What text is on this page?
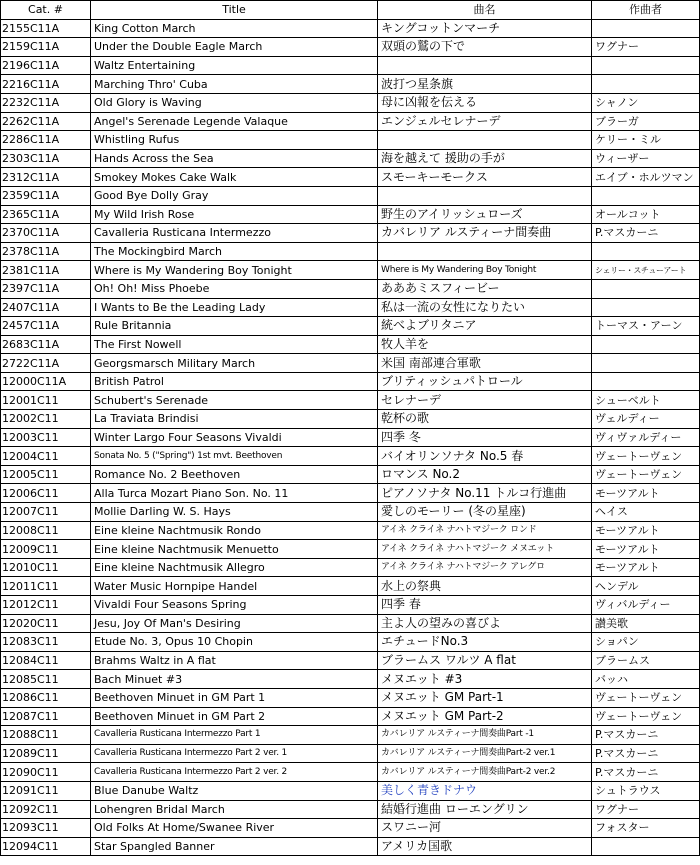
Cat. #	Title	曲名	作曲者
2155C11A	King Cotton March	キングコットンマーチ	
2159C11A	Under the Double Eagle March	双頭の鷲の下で	ワグナー
2196C11A	Waltz Entertaining		
2216C11A	Marching Thro' Cuba	波打つ星条旗	
2232C11A	Old Glory is Waving	母に凶報を伝える	シャノン
2262C11A	Angel's Serenade Legende Valaque	エンジェルセレナーデ	ブラーガ
2286C11A	Whistling Rufus		ケリー・ミル
2303C11A	Hands Across the Sea	海を越えて 援助の手が	ウィーザー
2312C11A	Smokey Mokes Cake Walk	スモーキーモークス	エイブ・ホルツマン
2359C11A	Good Bye Dolly Gray		
2365C11A	My Wild Irish Rose	野生のアイリッシュローズ	オールコット
2370C11A	Cavalleria Rusticana Intermezzo	カバレリア ルスティーナ間奏曲	P.マスカーニ
2378C11A	The Mockingbird March		
2381C11A	Where is My Wandering Boy Tonight	Where is My Wandering Boy Tonight	シェリー・スチューアート
2397C11A	Oh! Oh! Miss Phoebe	あああミスフィービー	
2407C11A	I Wants to Be the Leading Lady	私は一流の女性になりたい	
2457C11A	Rule Britannia	統べよブリタニア	トーマス・アーン
2683C11A	The First Nowell	牧人羊を	
2722C11A	Georgsmarsch Military March	米国 南部連合軍歌	
12000C11A	British Patrol	ブリティッシュパトロール	
12001C11	Schubert's Serenade	セレナーデ	シューベルト
12002C11	La Traviata Brindisi	乾杯の歌	ヴェルディー
12003C11	Winter Largo Four Seasons Vivaldi	四季 冬	ヴィヴァルディー
12004C11	Sonata No. 5 ("Spring") 1st mvt. Beethoven	バイオリンソナタ No.5 春	ヴェートーヴェン
12005C11	Romance No. 2 Beethoven	ロマンス No.2	ヴェートーヴェン
12006C11	Alla Turca Mozart Piano Son. No. 11	ピアノソナタ No.11 トルコ行進曲	モーツアルト
12007C11	Mollie Darling W. S. Hays	愛しのモーリー (冬の星座)	ヘイス
12008C11	Eine kleine Nachtmusik Rondo	アイネ クライネ ナハトマジーク ロンド	モーツアルト
12009C11	Eine kleine Nachtmusik Menuetto	アイネ クライネ ナハトマジーク メヌエット	モーツアルト
12010C11	Eine kleine Nachtmusik Allegro	アイネ クライネ ナハトマジーク アレグロ	モーツアルト
12011C11	Water Music Hornpipe Handel	水上の祭典	ヘンデル
12012C11	Vivaldi Four Seasons Spring	四季 春	ヴィバルディー
12020C11	Jesu, Joy Of Man's Desiring	主よ人の望みの喜びよ	讃美歌
12083C11	Etude No. 3, Opus 10 Chopin	エチュードNo.3	ショパン
12084C11	Brahms Waltz in A flat	ブラームス ワルツ A flat	ブラームス
12085C11	Bach Minuet #3	メヌエット #3	バッハ
12086C11	Beethoven Minuet in GM Part 1	メヌエット GM Part-1	ヴェートーヴェン
12087C11	Beethoven Minuet in GM Part 2	メヌエット GM Part-2	ヴェートーヴェン
12088C11	Cavalleria Rusticana Intermezzo Part 1	カバレリア ルスティーナ間奏曲Part -1	P.マスカーニ
12089C11	Cavalleria Rusticana Intermezzo Part 2 ver. 1	カバレリア ルスティーナ間奏曲Part-2 ver.1	P.マスカーニ
12090C11	Cavalleria Rusticana Intermezzo Part 2 ver. 2	カバレリア ルスティーナ間奏曲Part-2 ver.2	P.マスカーニ
12091C11	Blue Danube Waltz	美しく青きドナウ	シュトラウス
12092C11	Lohengren Bridal March	結婚行進曲 ローエングリン	ワグナー
12093C11	Old Folks At Home/Swanee River	スワニー河	フォスター
12094C11	Star Spangled Banner	アメリカ国歌	
